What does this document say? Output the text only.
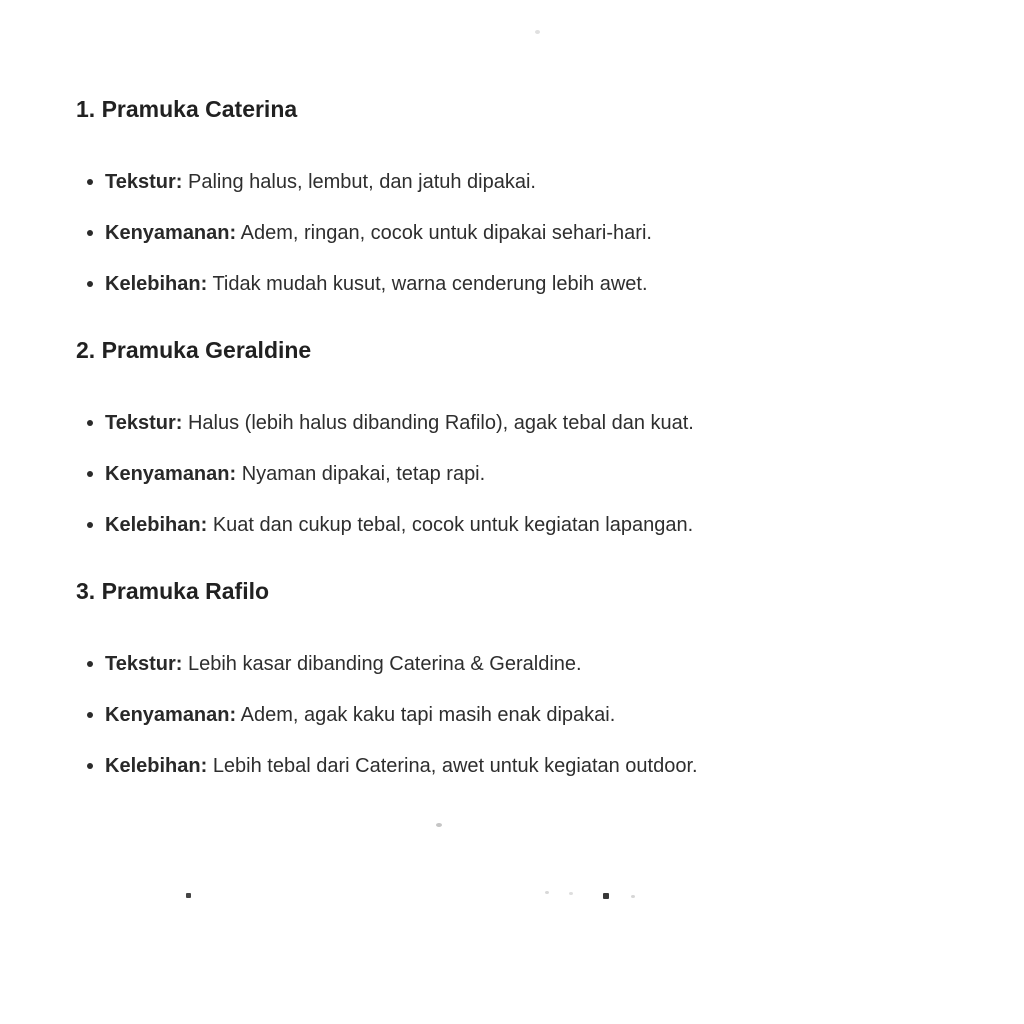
1. Pramuka Caterina
Tekstur: Paling halus, lembut, dan jatuh dipakai.
Kenyamanan: Adem, ringan, cocok untuk dipakai sehari-hari.
Kelebihan: Tidak mudah kusut, warna cenderung lebih awet.
2. Pramuka Geraldine
Tekstur: Halus (lebih halus dibanding Rafilo), agak tebal dan kuat.
Kenyamanan: Nyaman dipakai, tetap rapi.
Kelebihan: Kuat dan cukup tebal, cocok untuk kegiatan lapangan.
3. Pramuka Rafilo
Tekstur: Lebih kasar dibanding Caterina & Geraldine.
Kenyamanan: Adem, agak kaku tapi masih enak dipakai.
Kelebihan: Lebih tebal dari Caterina, awet untuk kegiatan outdoor.
